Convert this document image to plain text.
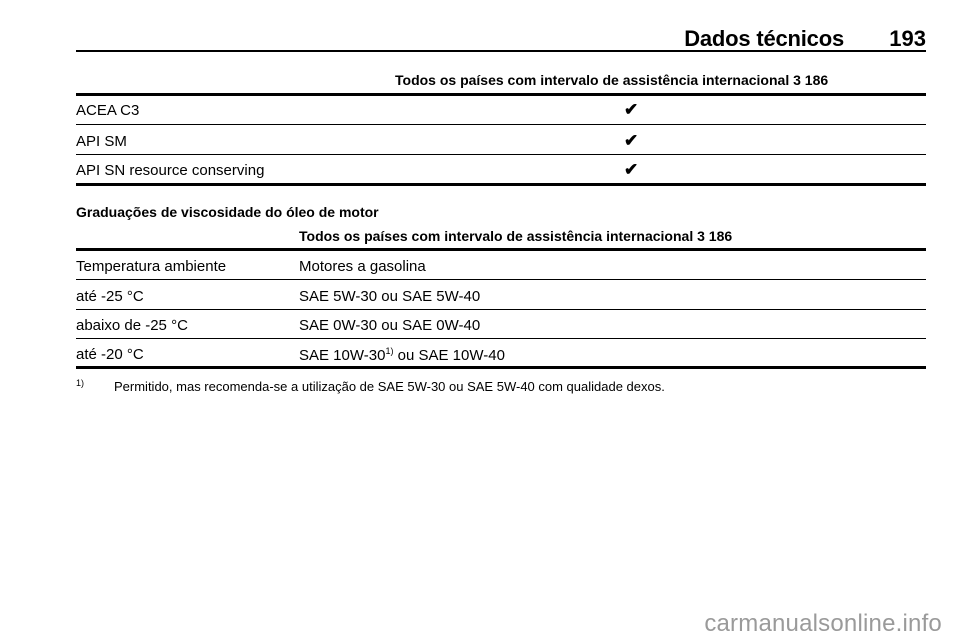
Dados técnicos 193
Todos os países com intervalo de assistência internacional 3 186
ACEA C3	✔
API SM	✔
API SN resource conserving	✔
Graduações de viscosidade do óleo de motor
Todos os países com intervalo de assistência internacional 3 186
Temperatura ambiente	Motores a gasolina
até -25 °C	SAE 5W-30 ou SAE 5W-40
abaixo de -25 °C	SAE 0W-30 ou SAE 0W-40
até -20 °C	SAE 10W-30$^{1)}$ ou SAE 10W-40
1) Permitido, mas recomenda-se a utilização de SAE 5W-30 ou SAE 5W-40 com qualidade dexos.
carmanualsonline.info
